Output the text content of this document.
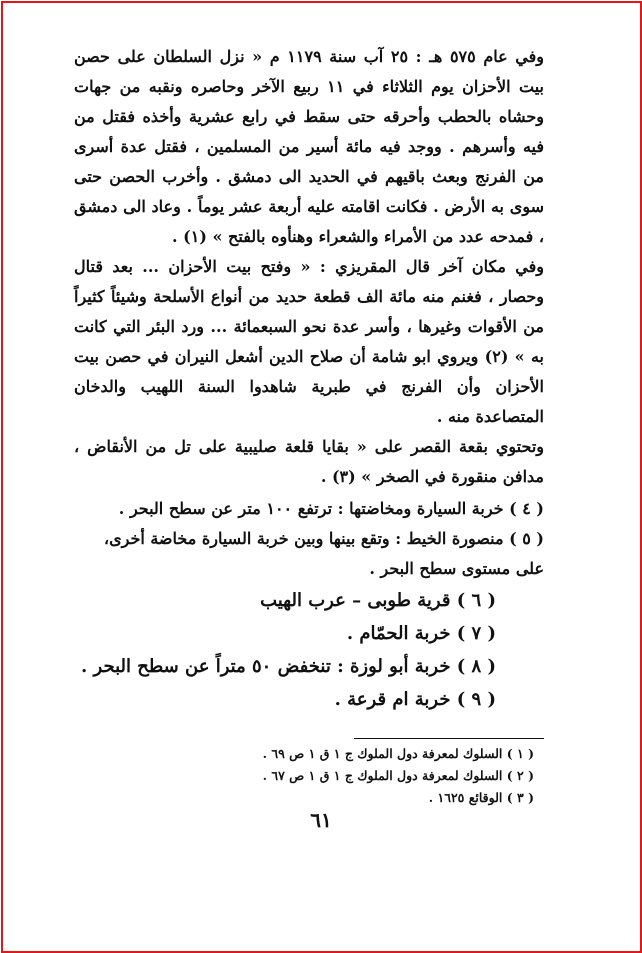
وفي عام ٥٧٥ هـ : ٢٥ آب سنة ١١٧٩ م « نزل السلطان على حصن بيت الأحزان يوم الثلاثاء في ١١ ربيع الآخر وحاصره ونقبه من جهات وحشاه بالحطب وأحرقه حتى سقط في رابع عشرية وأخذه فقتل من فيه وأسرهم . ووجد فيه مائة أسير من المسلمين ، فقتل عدة أسرى من الفرنج وبعث باقيهم في الحديد الى دمشق . وأخرب الحصن حتى سوى به الأرض . فكانت اقامته عليه أربعة عشر يوماً . وعاد الى دمشق ، فمدحه عدد من الأمراء والشعراء وهنأوه بالفتح » (١) .

وفي مكان آخر قال المقريزي : « وفتح بيت الأحزان ... بعد قتال وحصار ، فغنم منه مائة الف قطعة حديد من أنواع الأسلحة وشيئاً كثيراً من الأقوات وغيرها ، وأسر عدة نحو السبعمائة ... ورد البئر التي كانت به » (٢) ويروي ابو شامة أن صلاح الدين أشعل النيران في حصن بيت الأحزان وأن الفرنج في طبرية شاهدوا السنة اللهيب والدخان المتصاعدة منه .

وتحتوي بقعة القصر على « بقايا قلعة صليبية على تل من الأنقاض ، مدافن منقورة في الصخر » (٣) .

( ٤ ) خربة السيارة ومخاضتها : ترتفع ١٠٠ متر عن سطح البحر .
( ٥ ) منصورة الخيط : وتقع بينها وبين خربة السيارة مخاضة أخرى، على مستوى سطح البحر .
( ٦ ) قرية طوبى – عرب الهيب
( ٧ ) خربة الحمّام .
( ٨ ) خربة أبو لوزة : تنخفض ٥٠ متراً عن سطح البحر .
( ٩ ) خربة ام قرعة .
( ١ ) السلوك لمعرفة دول الملوك ج ١ ق ١ ص ٦٩ .
( ٢ ) السلوك لمعرفة دول الملوك ج ١ ق ١ ص ٦٧ .
( ٣ ) الوقائع ١٦٢٥ .
٦١
